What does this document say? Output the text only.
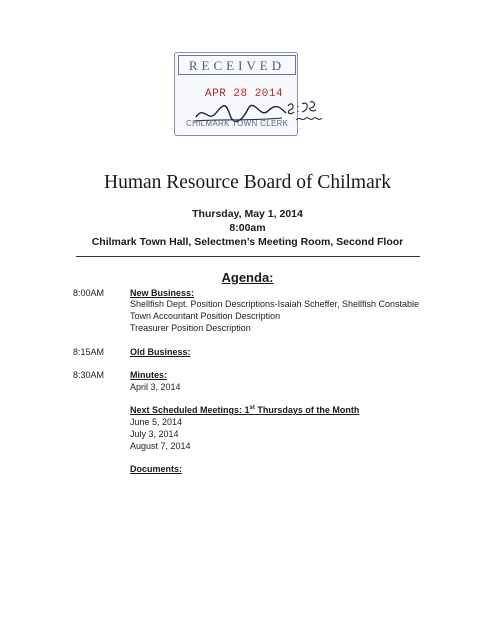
RECEIVED
APR 28 2014
CHILMARK TOWN CLERK
Human Resource Board of Chilmark
Thursday, May 1, 2014
8:00am
Chilmark Town Hall, Selectmen’s Meeting Room, Second Floor
Agenda:
8:00AM	New Business:
Shellfish Dept. Position Descriptions-Isaiah Scheffer, Shellfish Constable
Town Accountant Position Description
Treasurer Position Description
8:15AM	Old Business:
8:30AM	Minutes:
April 3, 2014
Next Scheduled Meetings: 1st Thursdays of the Month
June 5, 2014
July 3, 2014
August 7, 2014
Documents:
